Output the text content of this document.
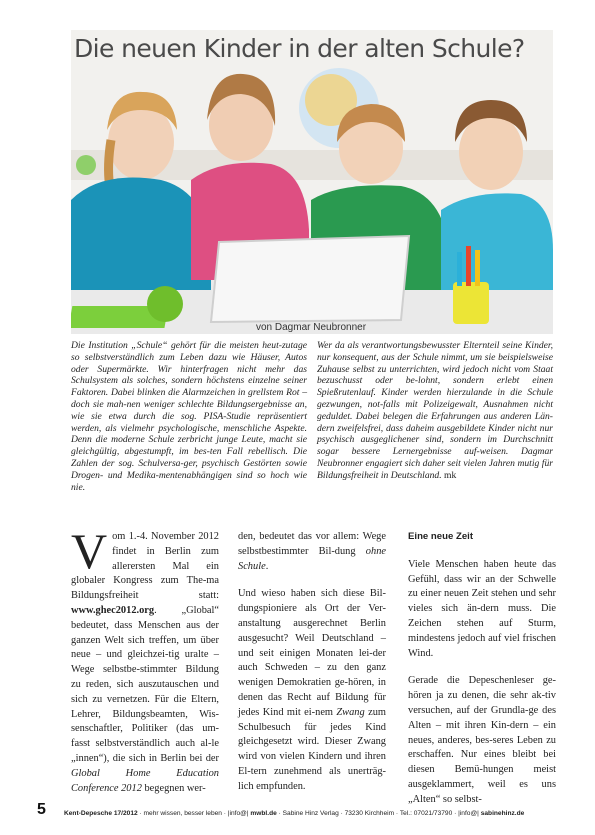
Die neuen Kinder in der alten Schule?

von Dagmar Neubronner

Die Institution „Schule“ gehört für die meisten heut-zutage so selbstverständlich zum Leben dazu wie Häuser, Autos oder Supermärkte. Wir hinterfragen nicht mehr das Schulsystem als solches, sondern höchstens einzelne seiner Faktoren. Dabei blinken die Alarmzeichen in grellstem Rot – doch sie mah-nen weniger schlechte Bildungsergebnisse an, wie sie etwa durch die sog. PISA-Studie repräsentiert werden, als vielmehr psychologische, menschliche Aspekte. Denn die moderne Schule zerbricht junge Leute, macht sie gleichgültig, abgestumpft, im bes-ten Fall rebellisch. Die Zahlen der sog. Schulversa-ger, psychisch Gestörten sowie Drogen- und Medika-mentenabhängigen sind so hoch wie nie.

Wer da als verantwortungsbewusster Elternteil seine Kinder, nur konsequent, aus der Schule nimmt, um sie beispielsweise Zuhause selbst zu unterrichten, wird jedoch nicht vom Staat bezuschusst oder be-lohnt, sondern erlebt einen Spießrutenlauf. Kinder werden hierzulande in die Schule gezwungen, not-falls mit Polizeigewalt, Ausnahmen nicht geduldet. Dabei belegen die Erfahrungen aus anderen Län-dern zweifelsfrei, dass daheim ausgebildete Kinder nicht nur psychisch ausgeglichener sind, sondern im Durchschnitt sogar bessere Lernergebnisse auf-weisen. Dagmar Neubronner engagiert sich daher seit vielen Jahren mutig für Bildungsfreiheit in Deutschland. mk

Vom 1.-4. November 2012 findet in Berlin zum allerersten Mal ein globaler Kongress zum The-ma Bildungsfreiheit statt: www.ghec2012.org. „Global“ bedeutet, dass Menschen aus der ganzen Welt sich treffen, um über neue – und gleichzei-tig uralte – Wege selbstbe-stimmter Bildung zu reden, sich auszutauschen und sich zu vernetzen. Für die Eltern, Lehrer, Bildungsbeamten, Wis-senschaftler, Politiker (das um-fasst selbstverständlich auch al-le „innen“), die sich in Berlin bei der Global Home Education Conference 2012 begegnen wer-

den, bedeutet das vor allem: Wege selbstbestimmter Bil-dung ohne Schule.

Und wieso haben sich diese Bil-dungspioniere als Ort der Ver-anstaltung ausgerechnet Berlin ausgesucht? Weil Deutschland – und seit einigen Monaten lei-der auch Schweden – zu den ganz wenigen Demokratien ge-hören, in denen das Recht auf Bildung für jedes Kind mit ei-nem Zwang zum Schulbesuch für jedes Kind gleichgesetzt wird. Dieser Zwang wird von vielen Kindern und ihren El-tern zunehmend als unerträg-lich empfunden.

Eine neue Zeit

Viele Menschen haben heute das Gefühl, dass wir an der Schwelle zu einer neuen Zeit stehen und sehr vieles sich än-dern muss. Die Zeichen stehen auf Sturm, mindestens jedoch auf viel frischen Wind.

Gerade die Depeschenleser ge-hören ja zu denen, die sehr ak-tiv versuchen, auf der Grundla-ge des Alten – mit ihren Kin-dern – ein neues, anderes, bes-seres Leben zu erschaffen. Nur eines bleibt bei diesen Bemü-hungen meist ausgeklammert, weil es uns „Alten“ so selbst-

5	Kent-Depesche 17/2012 · mehr wissen, besser leben · |info@| mwbl.de · Sabine Hinz Verlag · 73230 Kirchheim · Tel.: 07021/73790 · |info@| sabinehinz.de
